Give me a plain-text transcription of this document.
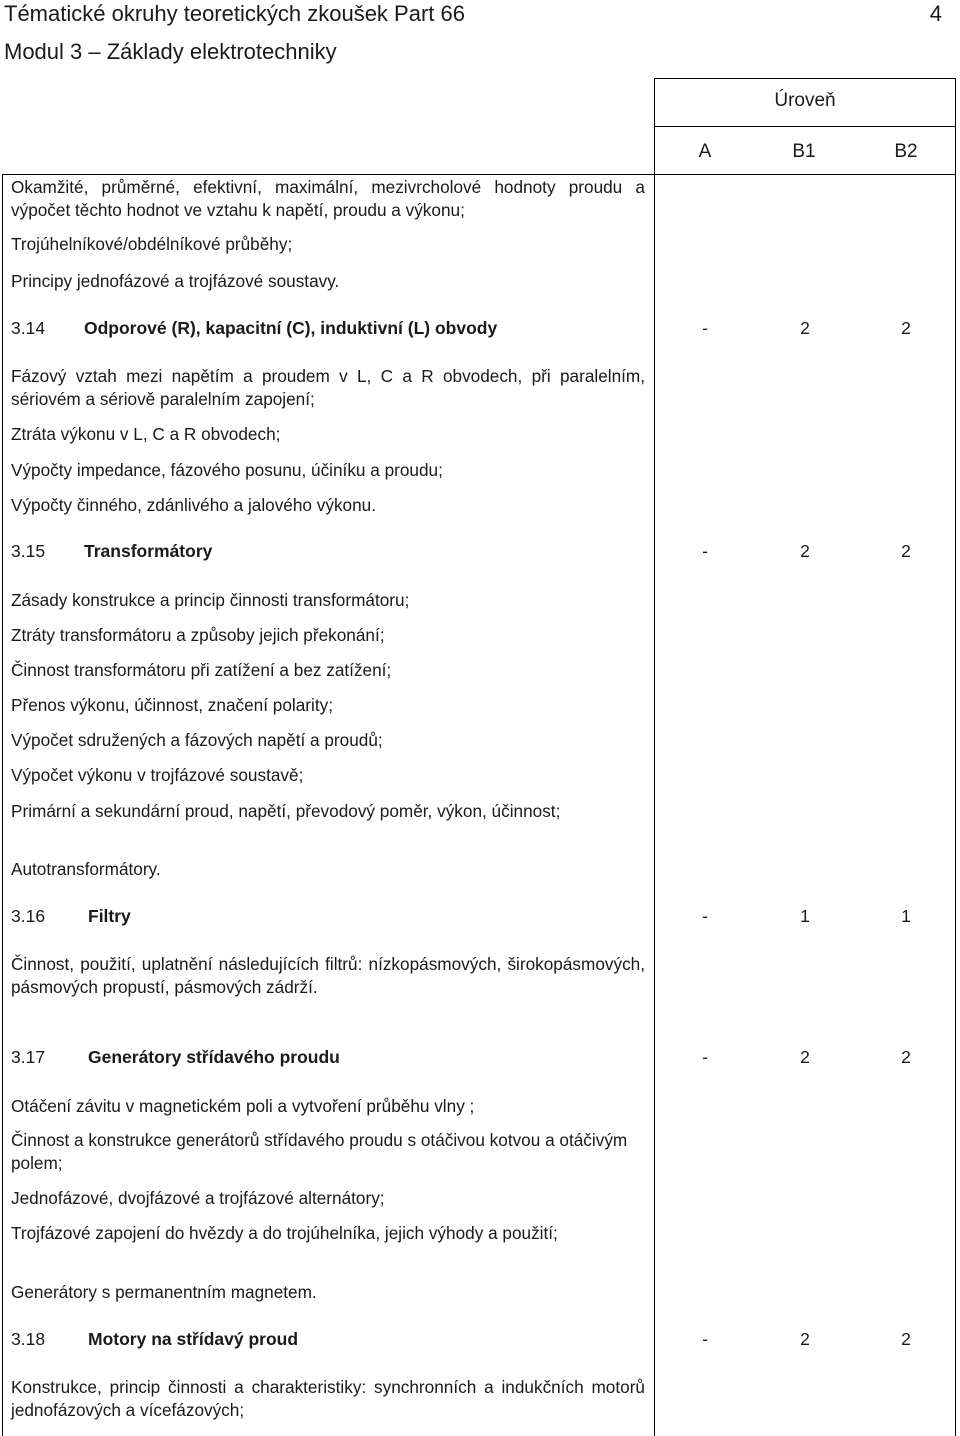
Tématické okruhy teoretických zkoušek Part 66	4
Modul 3 – Základy elektrotechniky
Úroveň
A	B1	B2

Okamžité, průměrné, efektivní, maximální, mezivrcholové hodnoty proudu a výpočet těchto hodnot ve vztahu k napětí, proudu a výkonu;

Trojúhelníkové/obdélníkové průběhy;

Principy jednofázové a trojfázové soustavy.

3.14 Odporové (R), kapacitní (C), induktivní (L) obvody	-	2	2

Fázový vztah mezi napětím a proudem v L, C a R obvodech, při paralelním, sériovém a sériově paralelním zapojení;

Ztráta výkonu v L, C a R obvodech;

Výpočty impedance, fázového posunu, účiníku a proudu;

Výpočty činného, zdánlivého a jalového výkonu.

3.15 Transformátory	-	2	2

Zásady konstrukce a princip činnosti transformátoru;

Ztráty transformátoru a způsoby jejich překonání;

Činnost transformátoru při zatížení a bez zatížení;

Přenos výkonu, účinnost, značení polarity;

Výpočet sdružených a fázových napětí a proudů;

Výpočet výkonu v trojfázové soustavě;

Primární a sekundární proud, napětí, převodový poměr, výkon, účinnost;

Autotransformátory.

3.16 Filtry	-	1	1

Činnost, použití, uplatnění následujících filtrů: nízkopásmových, širokopásmových, pásmových propustí, pásmových zádrží.

3.17 Generátory střídavého proudu	-	2	2

Otáčení závitu v magnetickém poli a vytvoření průběhu vlny ;

Činnost a konstrukce generátorů střídavého proudu s otáčivou kotvou a otáčivým polem;

Jednofázové, dvojfázové a trojfázové alternátory;

Trojfázové zapojení do hvězdy a do trojúhelníka, jejich výhody a použití;

Generátory s permanentním magnetem.

3.18 Motory na střídavý proud	-	2	2

Konstrukce, princip činnosti a charakteristiky: synchronních a indukčních motorů jednofázových a vícefázových;
